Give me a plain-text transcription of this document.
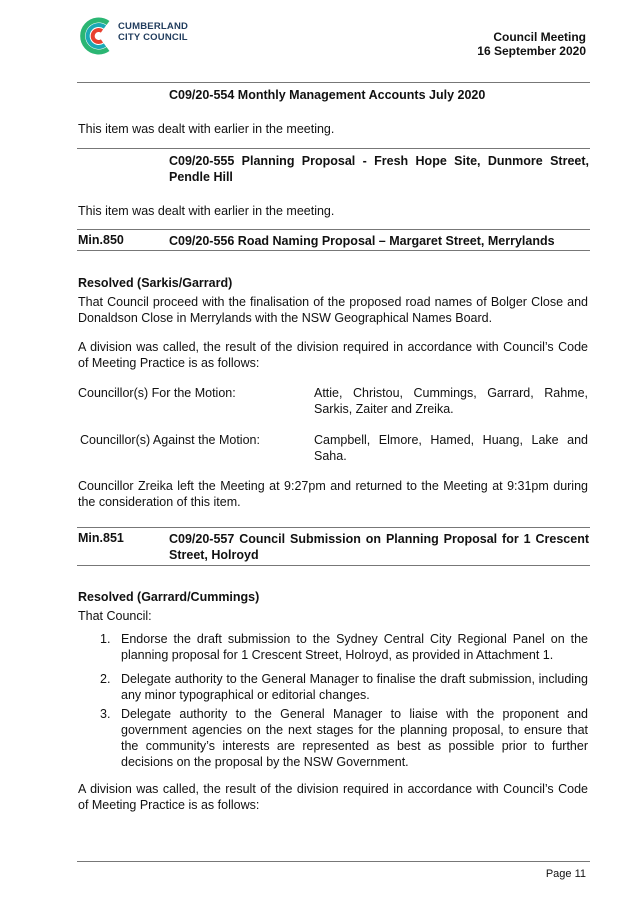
CUMBERLAND
CITY COUNCIL	Council Meeting
16 September 2020
C09/20-554 Monthly Management Accounts July 2020
This item was dealt with earlier in the meeting.
C09/20-555 Planning Proposal - Fresh Hope Site, Dunmore Street, Pendle Hill
This item was dealt with earlier in the meeting.
Min.850	C09/20-556 Road Naming Proposal – Margaret Street, Merrylands
Resolved (Sarkis/Garrard)
That Council proceed with the finalisation of the proposed road names of Bolger Close and Donaldson Close in Merrylands with the NSW Geographical Names Board.
A division was called, the result of the division required in accordance with Council’s Code of Meeting Practice is as follows:
Councillor(s) For the Motion:	Attie, Christou, Cummings, Garrard, Rahme, Sarkis, Zaiter and Zreika.
Councillor(s) Against the Motion:	Campbell, Elmore, Hamed, Huang, Lake and Saha.
Councillor Zreika left the Meeting at 9:27pm and returned to the Meeting at 9:31pm during the consideration of this item.
Min.851	C09/20-557 Council Submission on Planning Proposal for 1 Crescent Street, Holroyd
Resolved (Garrard/Cummings)
That Council:
1. Endorse the draft submission to the Sydney Central City Regional Panel on the planning proposal for 1 Crescent Street, Holroyd, as provided in Attachment 1.
2. Delegate authority to the General Manager to finalise the draft submission, including any minor typographical or editorial changes.
3. Delegate authority to the General Manager to liaise with the proponent and government agencies on the next stages for the planning proposal, to ensure that the community’s interests are represented as best as possible prior to further decisions on the proposal by the NSW Government.
A division was called, the result of the division required in accordance with Council’s Code of Meeting Practice is as follows:
Page 11
